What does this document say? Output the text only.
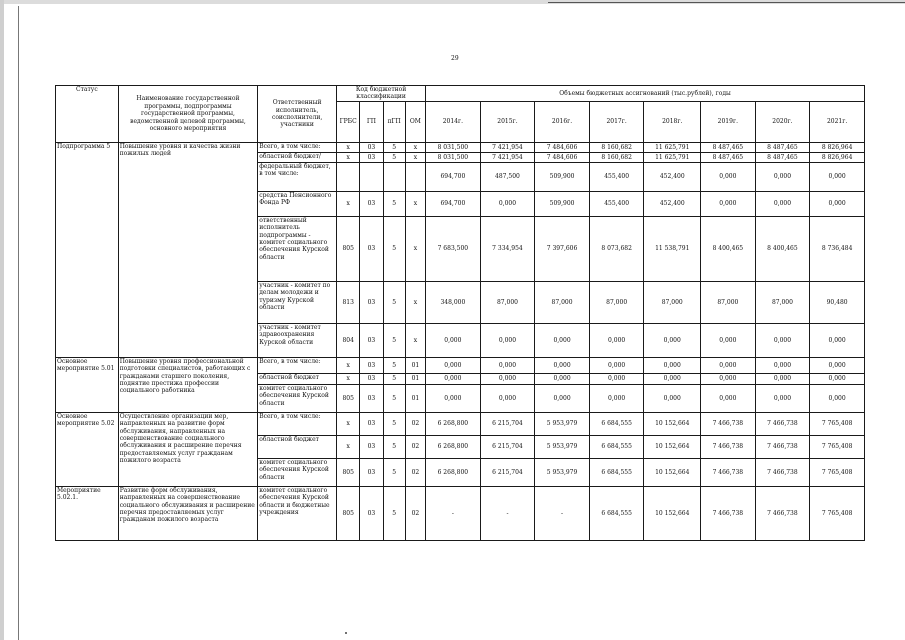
29
Статус	Наименование государственной программы, подпрограммы государственной программы, ведомственной целевой программы, основного мероприятия	Ответственный исполнитель, соисполнители, участники	Код бюджетной классификации				Объемы бюджетных ассигнований (тыс.рублей), годы							
			ГРБС	ГП	пГП	ОМ	2014г.	2015г.	2016г.	2017г.	2018г.	2019г.	2020г.	2021г.
Подпрограмма 5	Повышение уровня и качества жизни пожилых людей	Всего, в том числе:	х	03	5	х	8 031,500	7 421,954	7 484,606	8 160,682	11 625,791	8 487,465	8 487,465	8 826,964
		областной бюджет/	х	03	5	х	8 031,500	7 421,954	7 484,606	8 160,682	11 625,791	8 487,465	8 487,465	8 826,964
		федеральный бюджет, в том числе:					694,700	487,500	509,900	455,400	452,400	0,000	0,000	0,000
		средства Пенсионного Фонда РФ	х	03	5	х	694,700	0,000	509,900	455,400	452,400	0,000	0,000	0,000
		ответственный исполнитель подпрограммы - комитет социального обеспечения Курской области	805	03	5	х	7 683,500	7 334,954	7 397,606	8 073,682	11 538,791	8 400,465	8 400,465	8 736,484
		участник - комитет по делам молодежи и туризму Курской области	813	03	5	х	348,000	87,000	87,000	87,000	87,000	87,000	87,000	90,480
		участник - комитет здравоохранения Курской области	804	03	5	х	0,000	0,000	0,000	0,000	0,000	0,000	0,000	0,000
Основное мероприятие 5.01	Повышение уровня профессиональной подготовки специалистов, работающих с гражданами старшего поколения, поднятие престижа профессии социального работника	Всего, в том числе:	х	03	5	01	0,000	0,000	0,000	0,000	0,000	0,000	0,000	0,000
		областной бюджет	х	03	5	01	0,000	0,000	0,000	0,000	0,000	0,000	0,000	0,000
		комитет социального обеспечения Курской области	805	03	5	01	0,000	0,000	0,000	0,000	0,000	0,000	0,000	0,000
Основное мероприятие 5.02	Осуществление организации мер, направленных на развитие форм обслуживания, направленных на совершенствование социального обслуживания и расширение перечня предоставляемых услуг гражданам пожилого возраста	Всего, в том числе:	х	03	5	02	6 268,800	6 215,704	5 953,979	6 684,555	10 152,664	7 466,738	7 466,738	7 765,408
		областной бюджет	х	03	5	02	6 268,800	6 215,704	5 953,979	6 684,555	10 152,664	7 466,738	7 466,738	7 765,408
		комитет социального обеспечения Курской области	805	03	5	02	6 268,800	6 215,704	5 953,979	6 684,555	10 152,664	7 466,738	7 466,738	7 765,408
Мероприятие 5.02.1.	Развитие форм обслуживания, направленных на совершенствование социального обслуживания и расширение перечня предоставляемых услуг гражданам пожилого возраста	комитет социального обеспечения Курской области и бюджетные учреждения	805	03	5	02	-	-	-	6 684,555	10 152,664	7 466,738	7 466,738	7 765,408
